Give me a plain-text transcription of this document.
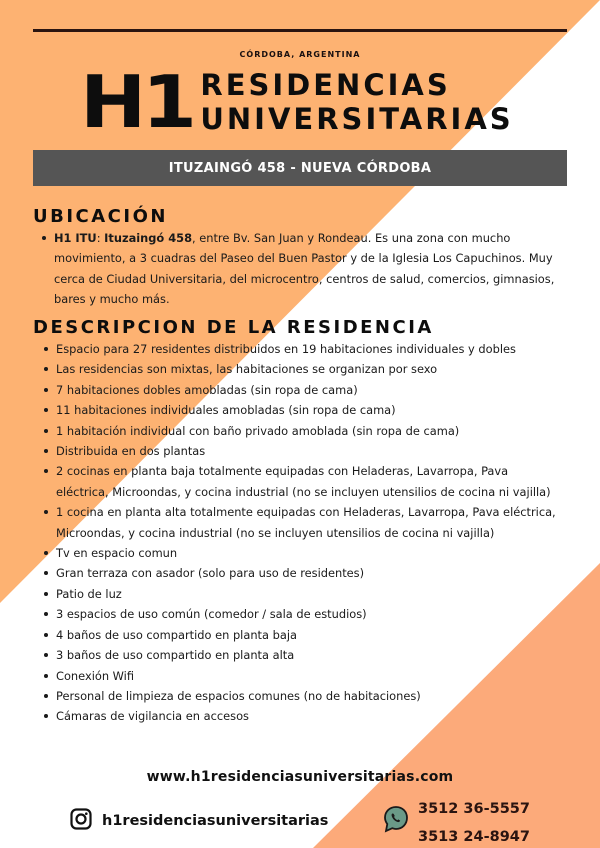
CÓRDOBA, ARGENTINA
H1 RESIDENCIAS
UNIVERSITARIAS
ITUZAINGÓ 458 - NUEVA CÓRDOBA
UBICACIÓN
H1 ITU: Ituzaingó 458, entre Bv. San Juan y Rondeau. Es una zona con mucho movimiento, a 3 cuadras del Paseo del Buen Pastor y de la Iglesia Los Capuchinos. Muy cerca de Ciudad Universitaria, del microcentro, centros de salud, comercios, gimnasios, bares y mucho más.
DESCRIPCION DE LA RESIDENCIA
Espacio para 27 residentes distribuidos en 19 habitaciones individuales y dobles
Las residencias son mixtas, las habitaciones se organizan por sexo
7 habitaciones dobles amobladas (sin ropa de cama)
11 habitaciones individuales amobladas (sin ropa de cama)
1 habitación individual con baño privado amoblada (sin ropa de cama)
Distribuida en dos plantas
2 cocinas en planta baja totalmente equipadas con Heladeras, Lavarropa, Pava eléctrica, Microondas, y cocina industrial (no se incluyen utensilios de cocina ni vajilla)
1 cocina en planta alta totalmente equipadas con Heladeras, Lavarropa, Pava eléctrica, Microondas, y cocina industrial (no se incluyen utensilios de cocina ni vajilla)
Tv en espacio comun
Gran terraza con asador (solo para uso de residentes)
Patio de luz
3 espacios de uso común (comedor / sala de estudios)
4 baños de uso compartido en planta baja
3 baños de uso compartido en planta alta
Conexión Wifi
Personal de limpieza de espacios comunes (no de habitaciones)
Cámaras de vigilancia en accesos
www.h1residenciasuniversitarias.com
h1residenciasuniversitarias
3512 36-5557
3513 24-8947
